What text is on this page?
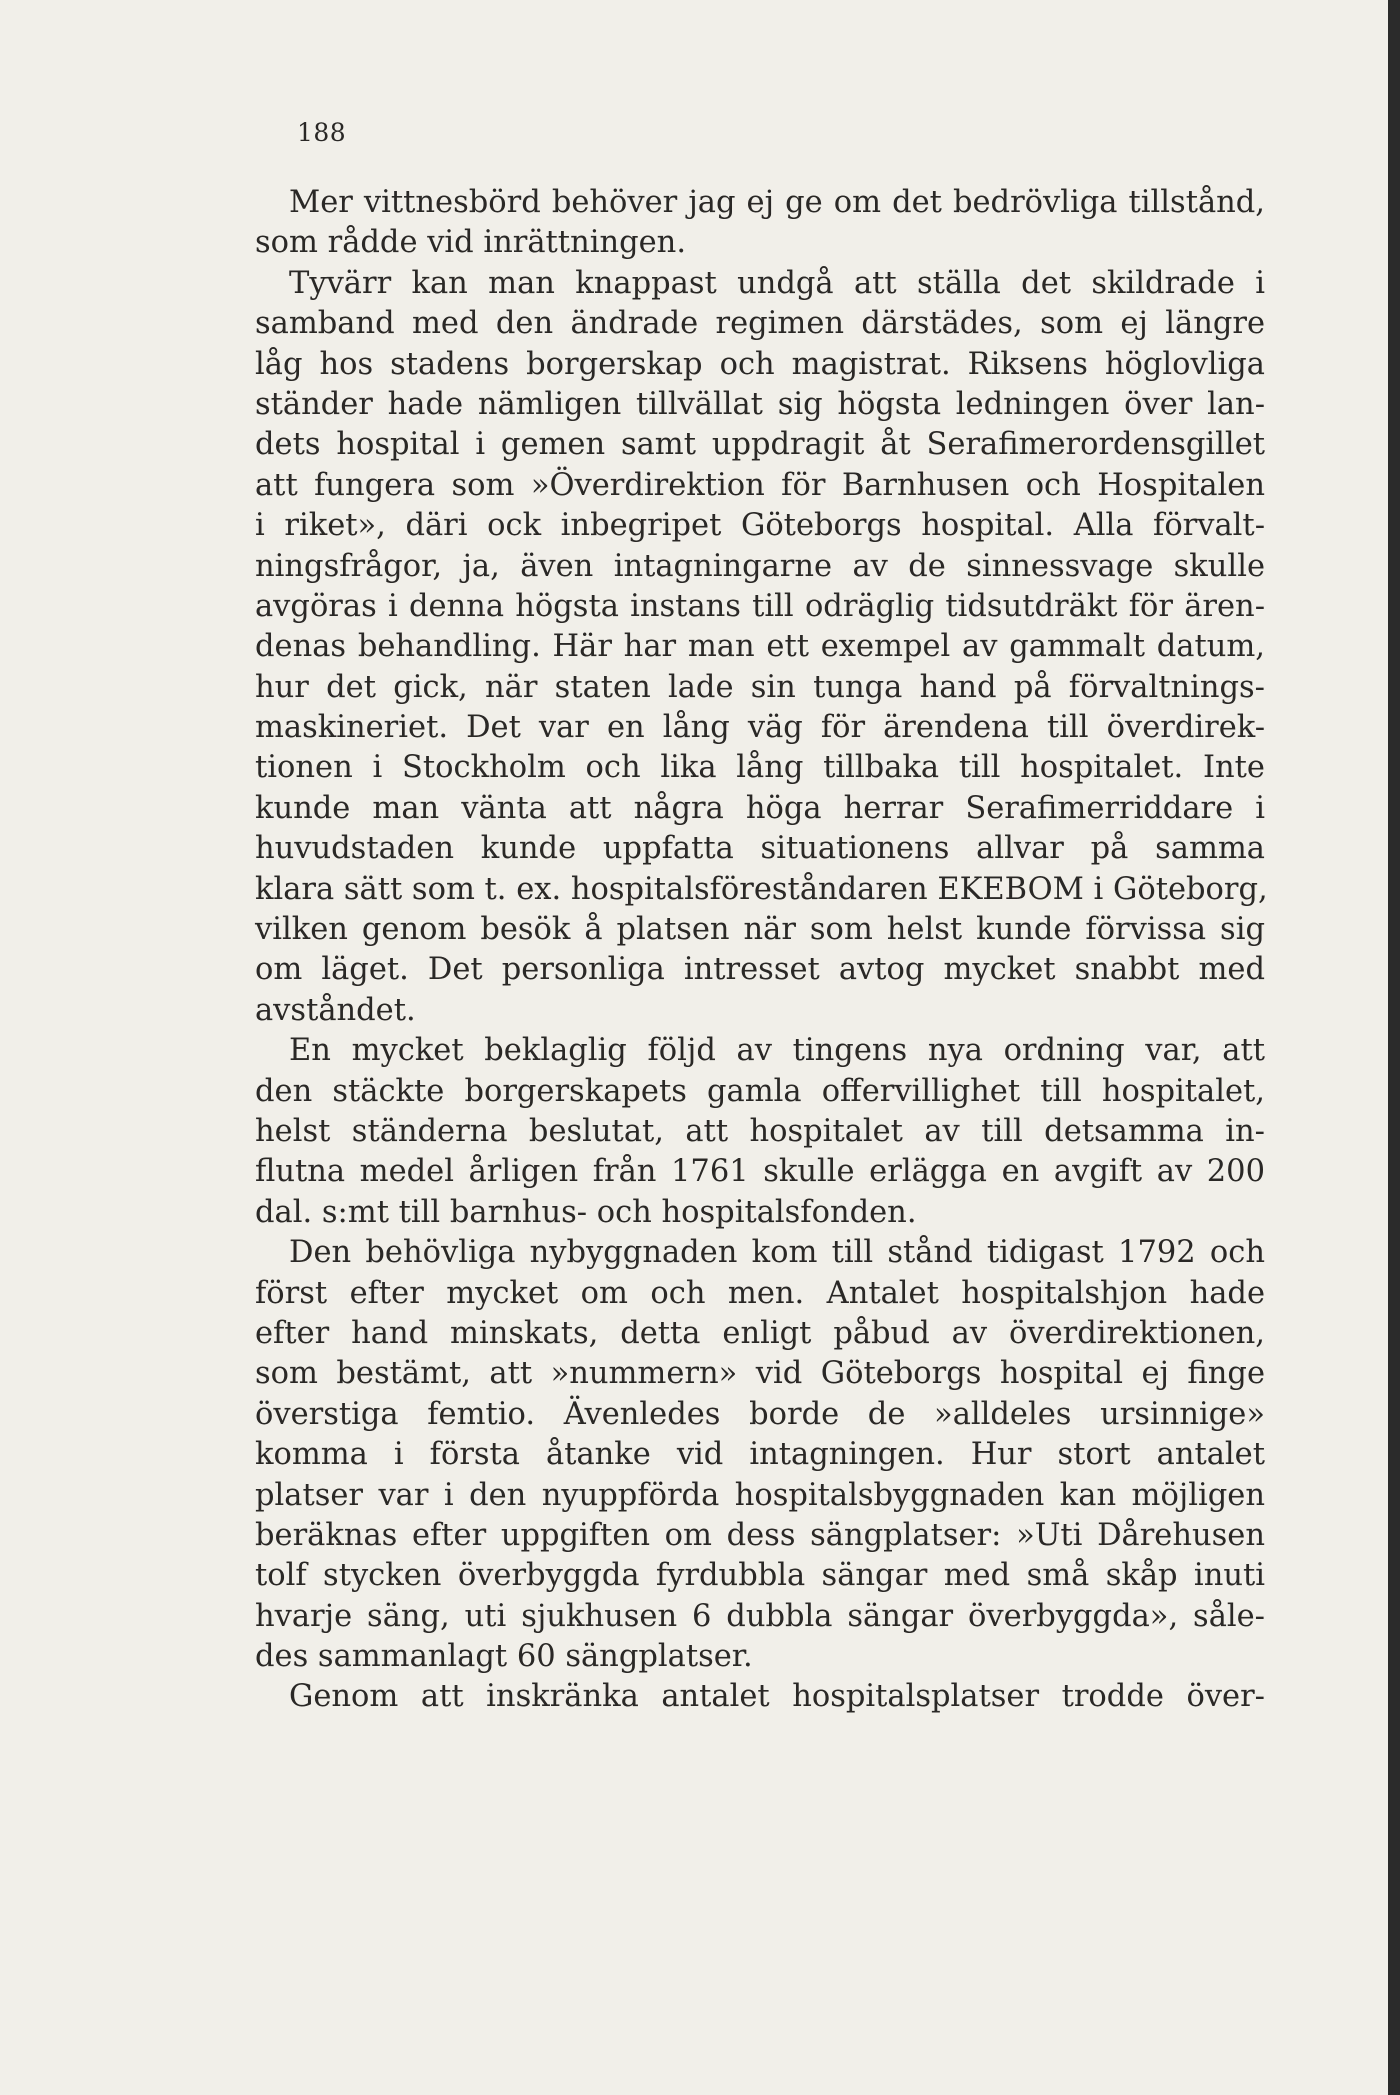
188
Mer vittnesbörd behöver jag ej ge om det bedrövliga tillstånd,
som rådde vid inrättningen.
Tyvärr kan man knappast undgå att ställa det skildrade i
samband med den ändrade regimen därstädes, som ej längre
låg hos stadens borgerskap och magistrat. Riksens höglovliga
ständer hade nämligen tillvällat sig högsta ledningen över lan-
dets hospital i gemen samt uppdragit åt Serafimerordensgillet
att fungera som »Överdirektion för Barnhusen och Hospitalen
i riket», däri ock inbegripet Göteborgs hospital. Alla förvalt-
ningsfrågor, ja, även intagningarne av de sinnessvage skulle
avgöras i denna högsta instans till odräglig tidsutdräkt för ären-
denas behandling. Här har man ett exempel av gammalt datum,
hur det gick, när staten lade sin tunga hand på förvaltnings-
maskineriet. Det var en lång väg för ärendena till överdirek-
tionen i Stockholm och lika lång tillbaka till hospitalet. Inte
kunde man vänta att några höga herrar Serafimerriddare i
huvudstaden kunde uppfatta situationens allvar på samma
klara sätt som t. ex. hospitalsföreståndaren EKEBOM i Göteborg,
vilken genom besök å platsen när som helst kunde förvissa sig
om läget. Det personliga intresset avtog mycket snabbt med
avståndet.
En mycket beklaglig följd av tingens nya ordning var, att
den stäckte borgerskapets gamla offervillighet till hospitalet,
helst ständerna beslutat, att hospitalet av till detsamma in-
flutna medel årligen från 1761 skulle erlägga en avgift av 200
dal. s:mt till barnhus- och hospitalsfonden.
Den behövliga nybyggnaden kom till stånd tidigast 1792 och
först efter mycket om och men. Antalet hospitalshjon hade
efter hand minskats, detta enligt påbud av överdirektionen,
som bestämt, att »nummern» vid Göteborgs hospital ej finge
överstiga femtio. Ävenledes borde de »alldeles ursinnige»
komma i första åtanke vid intagningen. Hur stort antalet
platser var i den nyuppförda hospitalsbyggnaden kan möjligen
beräknas efter uppgiften om dess sängplatser: »Uti Dårehusen
tolf stycken överbyggda fyrdubbla sängar med små skåp inuti
hvarje säng, uti sjukhusen 6 dubbla sängar överbyggda», såle-
des sammanlagt 60 sängplatser.
Genom att inskränka antalet hospitalsplatser trodde över-
